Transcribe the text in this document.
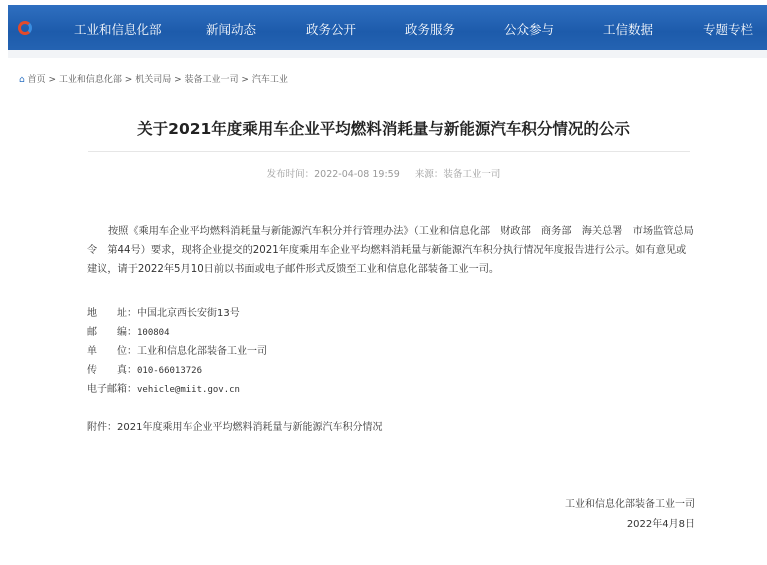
工业和信息化部	新闻动态	政务公开	政务服务	公众参与	工信数据	专题专栏
⌂ 首页 > 工业和信息化部 > 机关司局 > 装备工业一司 > 汽车工业
关于2021年度乘用车企业平均燃料消耗量与新能源汽车积分情况的公示
发布时间：2022-04-08 19:59 来源：装备工业一司
按照《乘用车企业平均燃料消耗量与新能源汽车积分并行管理办法》（工业和信息化部　财政部　商务部　海关总署　市场监管总局令　第44号）要求，现将企业提交的2021年度乘用车企业平均燃料消耗量与新能源汽车积分执行情况年度报告进行公示。如有意见或建议，请于2022年5月10日前以书面或电子邮件形式反馈至工业和信息化部装备工业一司。
地　　址：中国北京西长安街13号
邮　　编：100804
单　　位：工业和信息化部装备工业一司
传　　真：010-66013726
电子邮箱：vehicle@miit.gov.cn
附件：2021年度乘用车企业平均燃料消耗量与新能源汽车积分情况
工业和信息化部装备工业一司
2022年4月8日
